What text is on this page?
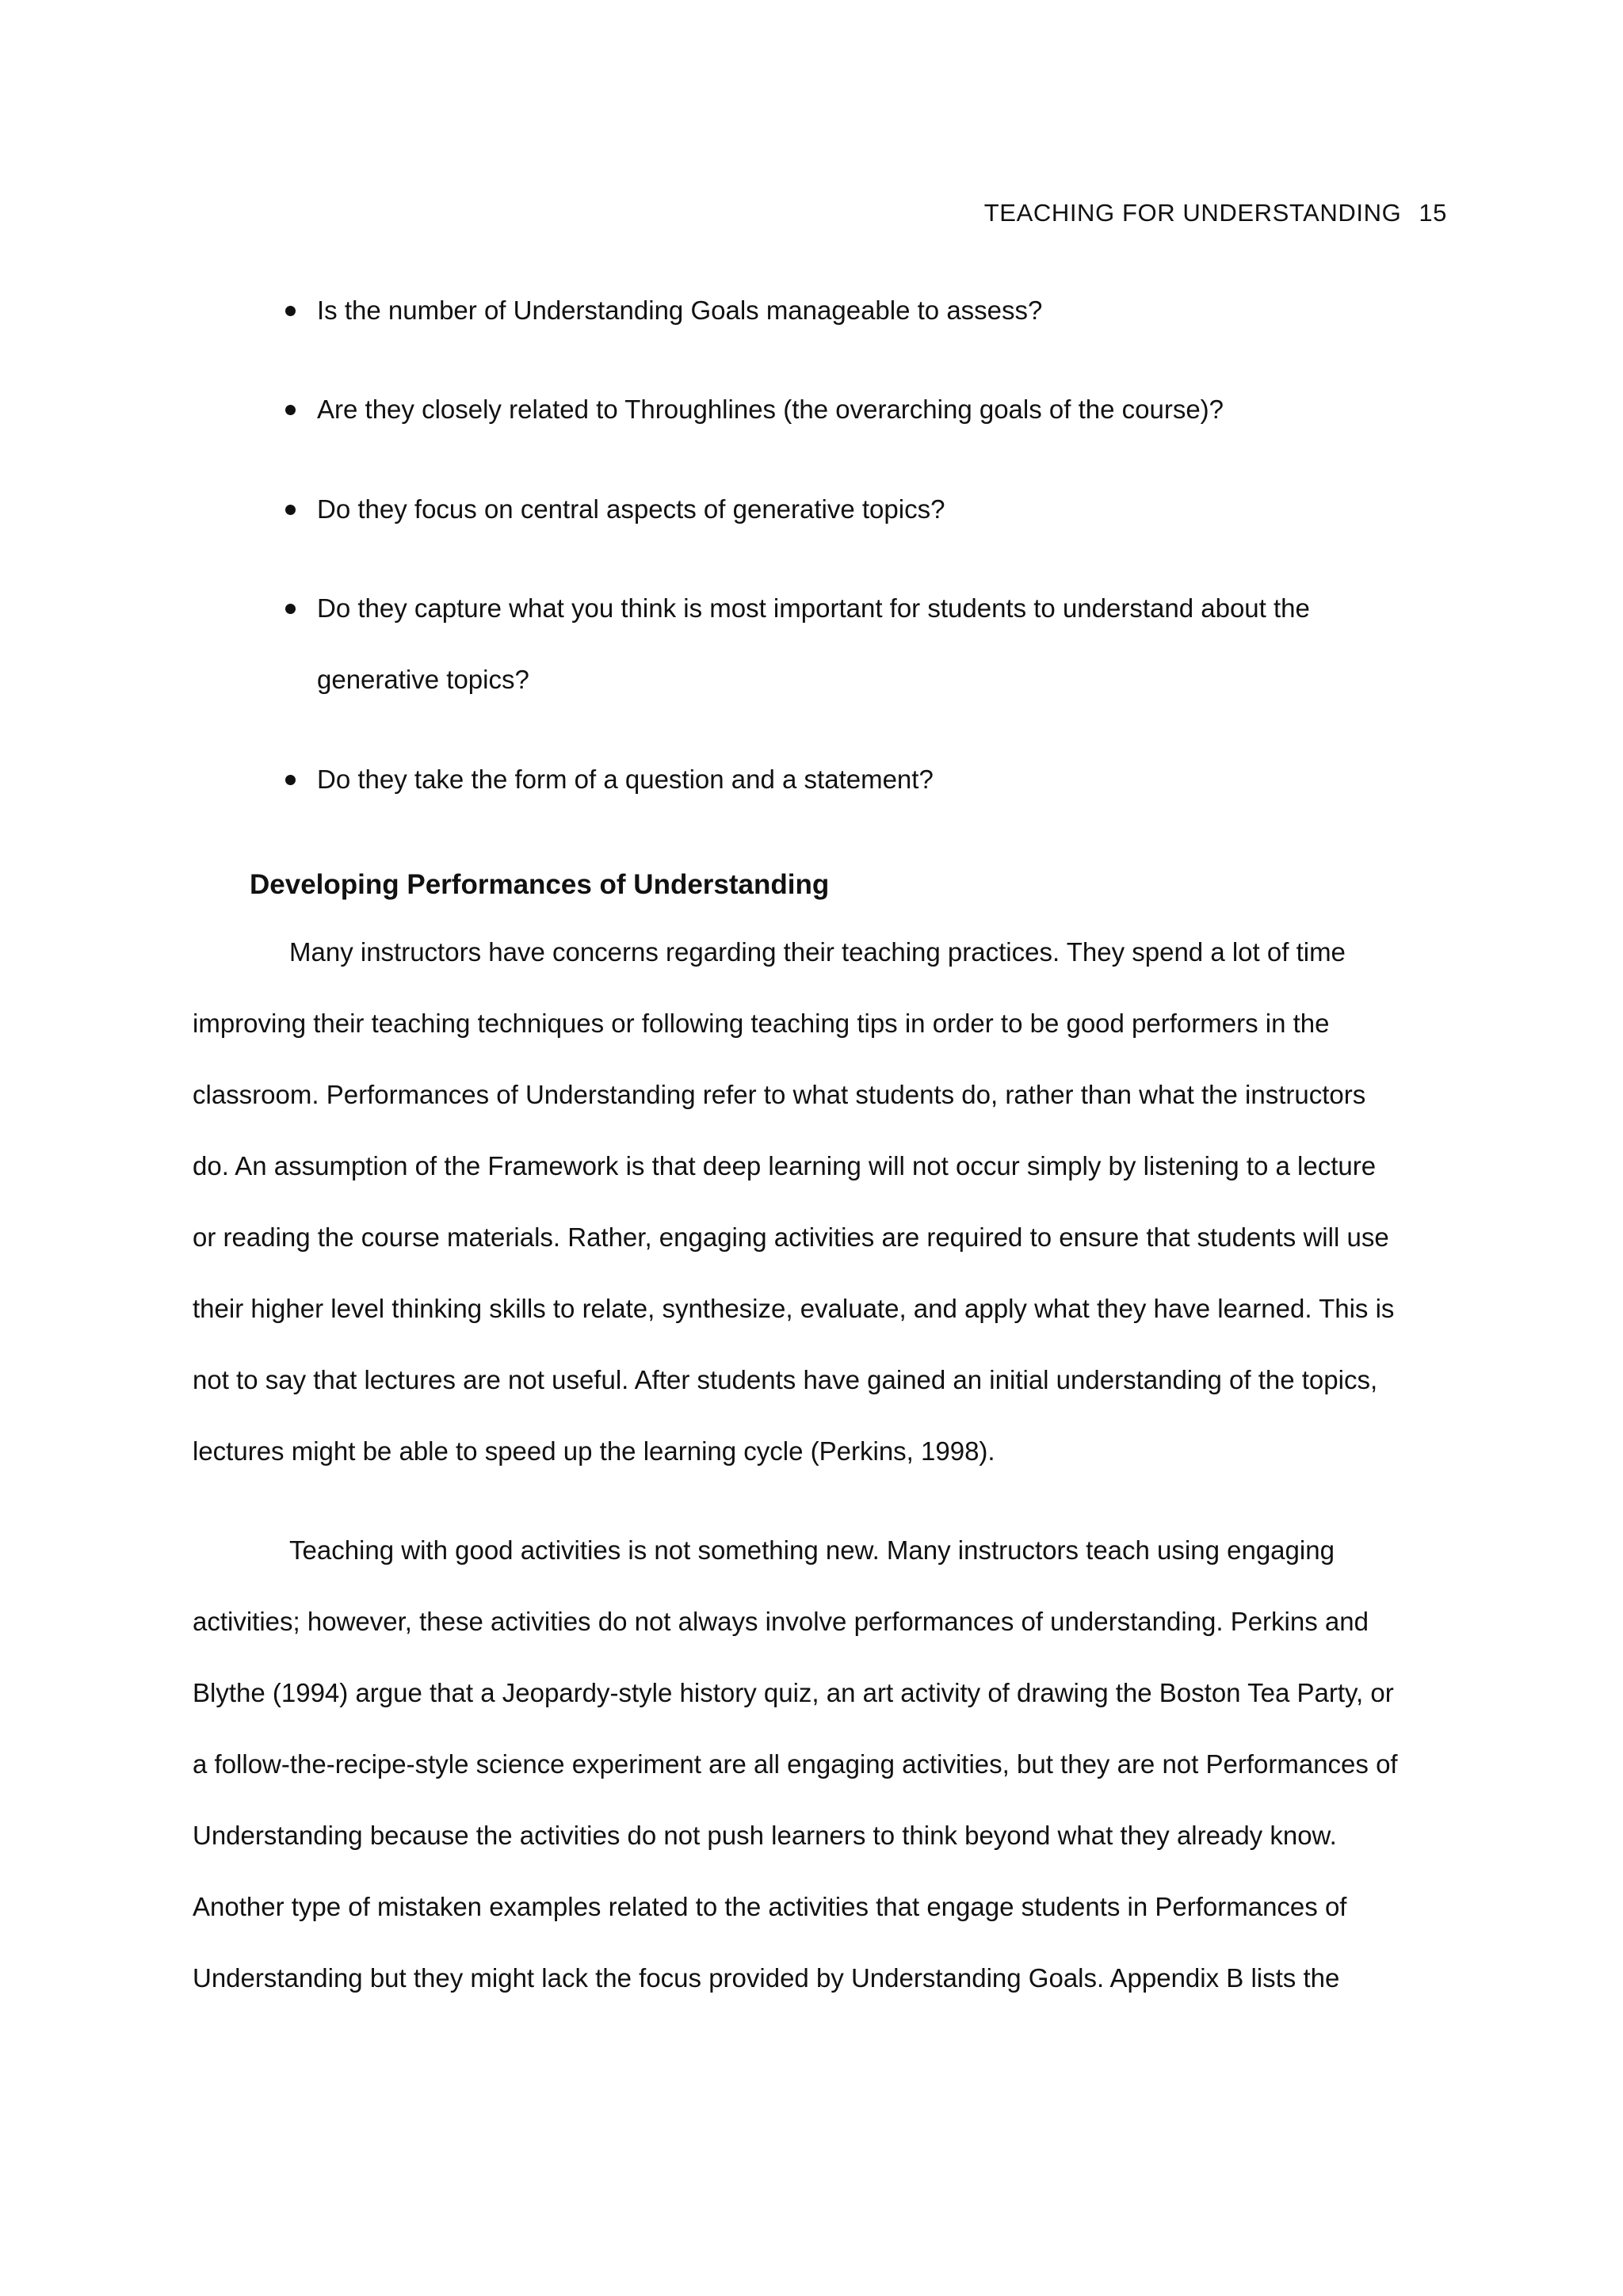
TEACHING FOR UNDERSTANDING 15
Is the number of Understanding Goals manageable to assess?
Are they closely related to Throughlines (the overarching goals of the course)?
Do they focus on central aspects of generative topics?
Do they capture what you think is most important for students to understand about the
generative topics?
Do they take the form of a question and a statement?
Developing Performances of Understanding
Many instructors have concerns regarding their teaching practices. They spend a lot of time
improving their teaching techniques or following teaching tips in order to be good performers in the
classroom. Performances of Understanding refer to what students do, rather than what the instructors
do. An assumption of the Framework is that deep learning will not occur simply by listening to a lecture
or reading the course materials. Rather, engaging activities are required to ensure that students will use
their higher level thinking skills to relate, synthesize, evaluate, and apply what they have learned. This is
not to say that lectures are not useful. After students have gained an initial understanding of the topics,
lectures might be able to speed up the learning cycle (Perkins, 1998).
Teaching with good activities is not something new. Many instructors teach using engaging
activities; however, these activities do not always involve performances of understanding. Perkins and
Blythe (1994) argue that a Jeopardy-style history quiz, an art activity of drawing the Boston Tea Party, or
a follow-the-recipe-style science experiment are all engaging activities, but they are not Performances of
Understanding because the activities do not push learners to think beyond what they already know.
Another type of mistaken examples related to the activities that engage students in Performances of
Understanding but they might lack the focus provided by Understanding Goals. Appendix B lists the
